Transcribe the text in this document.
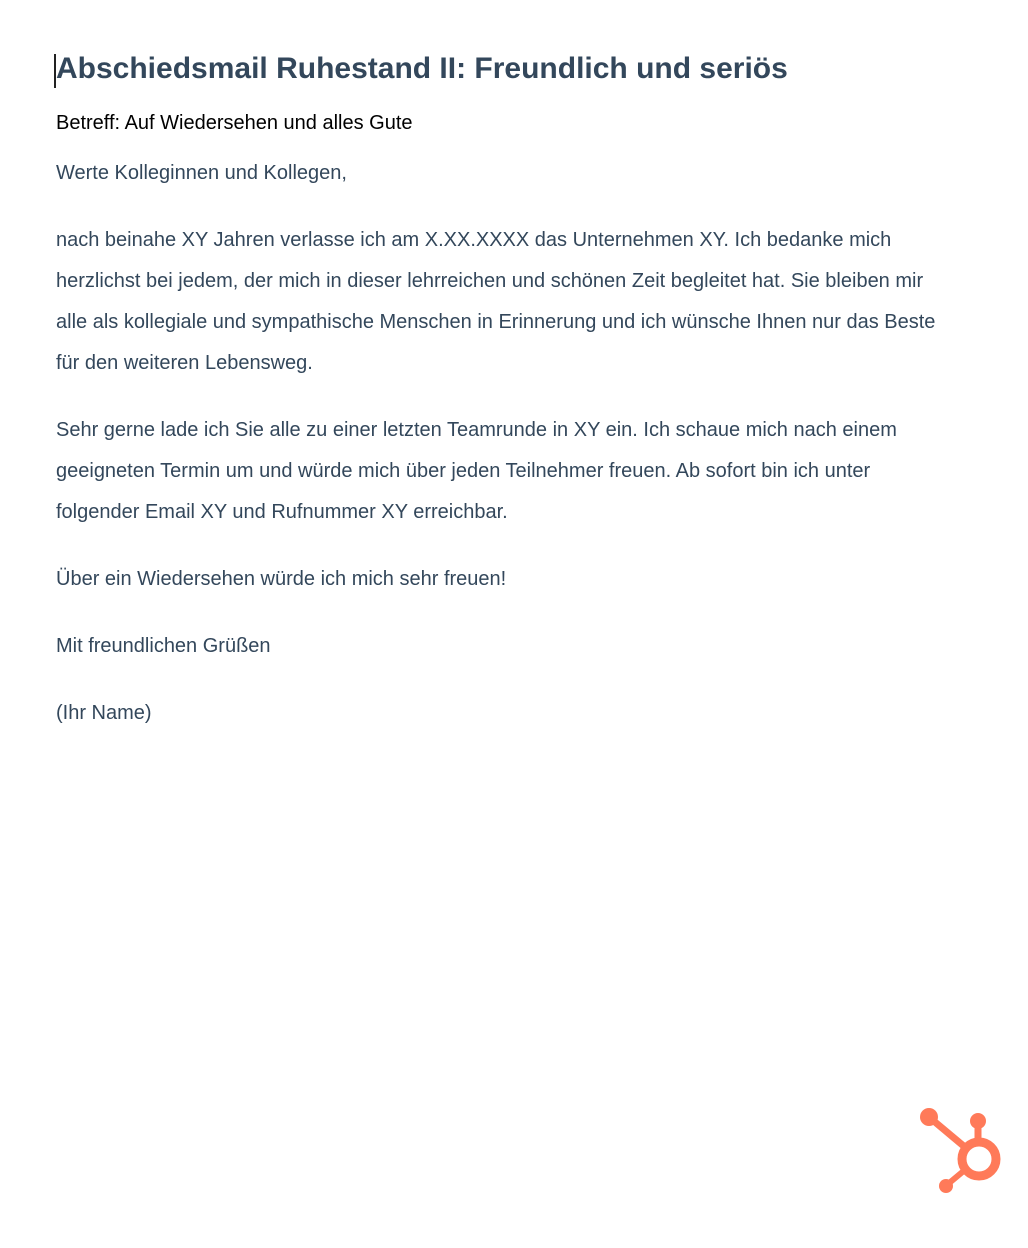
Abschiedsmail Ruhestand II: Freundlich und seriös

Betreff: Auf Wiedersehen und alles Gute

Werte Kolleginnen und Kollegen,

nach beinahe XY Jahren verlasse ich am X.XX.XXXX das Unternehmen XY. Ich bedanke mich herzlichst bei jedem, der mich in dieser lehrreichen und schönen Zeit begleitet hat. Sie bleiben mir alle als kollegiale und sympathische Menschen in Erinnerung und ich wünsche Ihnen nur das Beste für den weiteren Lebensweg.

Sehr gerne lade ich Sie alle zu einer letzten Teamrunde in XY ein. Ich schaue mich nach einem geeigneten Termin um und würde mich über jeden Teilnehmer freuen. Ab sofort bin ich unter folgender Email XY und Rufnummer XY erreichbar.

Über ein Wiedersehen würde ich mich sehr freuen!

Mit freundlichen Grüßen

(Ihr Name)
